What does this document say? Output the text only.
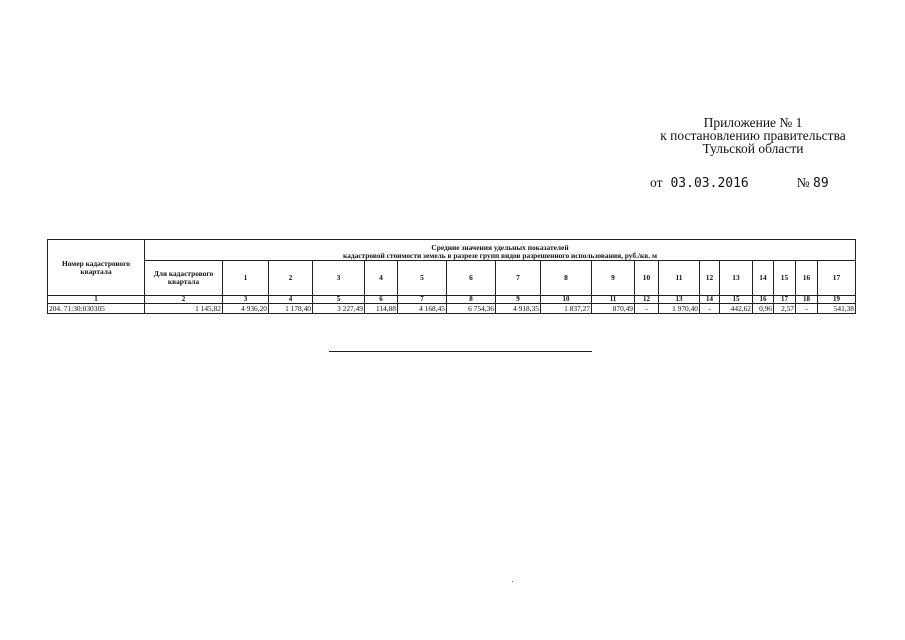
Приложение № 1
к постановлению правительства
Тульской области
от 03.03.2016	№ 89
Номер кадастрового квартала	Средние значения удельных показателей
кадастровой стоимости земель в разрезе групп видов разрешенного использования, руб./кв. м																	

	Для кадастрового квартала	1	2	3	4	5	6	7	8	9	10	11	12	13	14	15	16	17
1	2	3	4	5	6	7	8	9	10	11	12	13	14	15	16	17	18	19
204. 71:30:030305	1 145,82	4 936,20	1 178,40	3 227,49	114,88	4 168,45	6 754,36	4 918,35	1 837,27	870,49	-	1 970,40	-	442,62	0,96	2,57	-	541,38
